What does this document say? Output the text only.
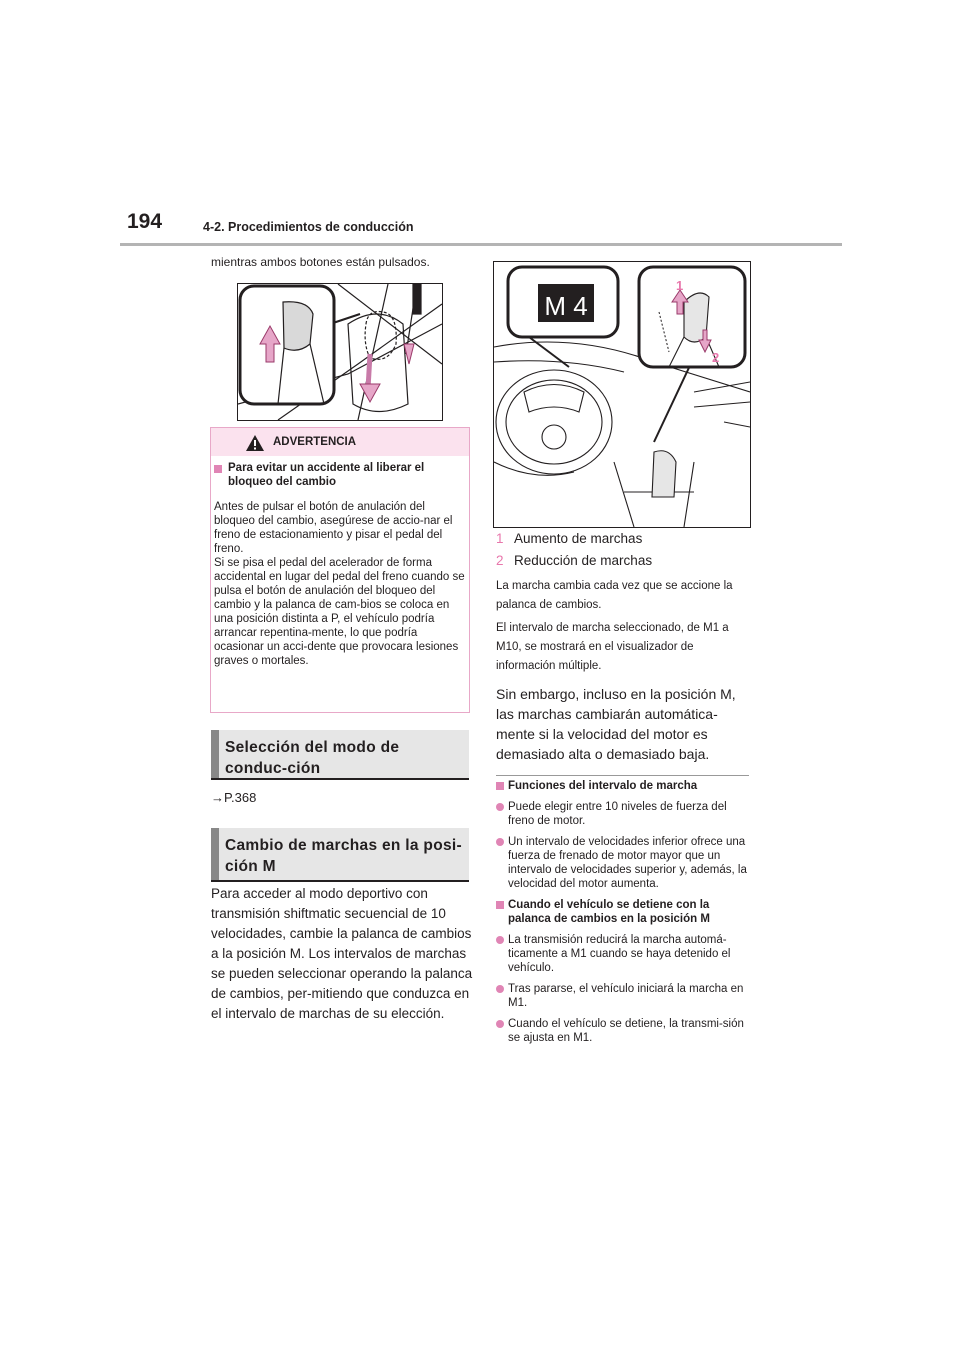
194	4-2. Procedimientos de conducción
mientras ambos botones están pulsados.
ADVERTENCIA
Para evitar un accidente al liberar el bloqueo del cambio
Antes de pulsar el botón de anulación del bloqueo del cambio, asegúrese de accio-nar el freno de estacionamiento y pisar el pedal del freno.
Si se pisa el pedal del acelerador de forma accidental en lugar del pedal del freno cuando se pulsa el botón de anulación del bloqueo del cambio y la palanca de cam-bios se coloca en una posición distinta a P, el vehículo podría arrancar repentina-mente, lo que podría ocasionar un acci-dente que provocara lesiones graves o mortales.
Selección del modo de conduc-ción
→P.368
Cambio de marchas en la posi-ción M
Para acceder al modo deportivo con transmisión shiftmatic secuencial de 10 velocidades, cambie la palanca de cambios a la posición M. Los intervalos de marchas se pueden seleccionar operando la palanca de cambios, per-mitiendo que conduzca en el intervalo de marchas de su elección.
M 4
1
2
1 Aumento de marchas
2 Reducción de marchas
La marcha cambia cada vez que se accione la palanca de cambios.
El intervalo de marcha seleccionado, de M1 a M10, se mostrará en el visualizador de información múltiple.
Sin embargo, incluso en la posición M, las marchas cambiarán automática-mente si la velocidad del motor es demasiado alta o demasiado baja.
Funciones del intervalo de marcha
Puede elegir entre 10 niveles de fuerza del freno de motor.
Un intervalo de velocidades inferior ofrece una fuerza de frenado de motor mayor que un intervalo de velocidades superior y, además, la velocidad del motor aumenta.
Cuando el vehículo se detiene con la palanca de cambios en la posición M
La transmisión reducirá la marcha automá-ticamente a M1 cuando se haya detenido el vehículo.
Tras pararse, el vehículo iniciará la marcha en M1.
Cuando el vehículo se detiene, la transmi-sión se ajusta en M1.
